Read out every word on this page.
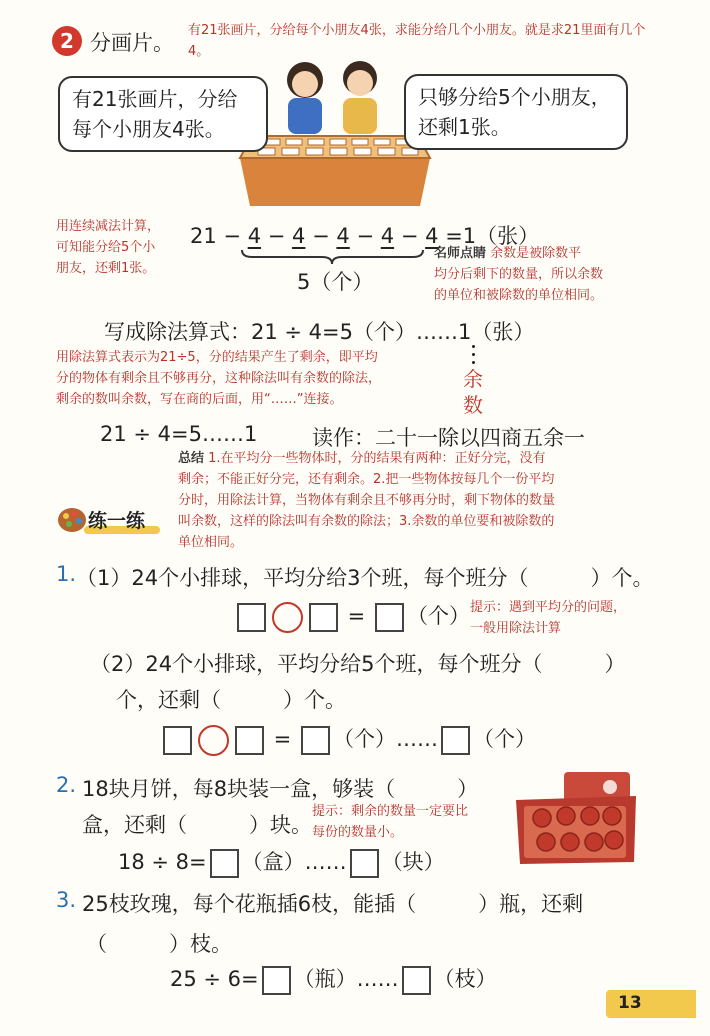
2 分画片。
有21张画片，分给每个小朋友4张，求能分给几个小朋友。就是求21里面有几个4。
有21张画片，分给
每个小朋友4张。
只够分给5个小朋友，
还剩1张。
用连续减法计算，
可知能分给5个小
朋友，还剩1张。
21 − 4 − 4 − 4 − 4 − 4 =1（张）
5（个）
名师点睛 余数是被除数平
均分后剩下的数量，所以余数
的单位和被除数的单位相同。
写成除法算式：21 ÷ 4=5（个）……1（张）
余数
用除法算式表示为21÷5，分的结果产生了剩余，即平均
分的物体有剩余且不够再分，这种除法叫有余数的除法，
剩余的数叫余数，写在商的后面，用“……”连接。
21 ÷ 4=5……1	读作：二十一除以四商五余一
总结 1.在平均分一些物体时，分的结果有两种：正好分完，没有
剩余；不能正好分完，还有剩余。2.把一些物体按每几个一份平均
分时，用除法计算，当物体有剩余且不够再分时，剩下物体的数量
叫余数，这样的除法叫有余数的除法；3.余数的单位要和被除数的
单位相同。
练一练
1. （1）24个小排球，平均分给3个班，每个班分（	）个。
= （个） 提示：遇到平均分的问题，
一般用除法计算
（2）24个小排球，平均分给5个班，每个班分（	）
个，还剩（	）个。
= （个）…… （个）
2. 18块月饼，每8块装一盒，够装（	）
盒，还剩（	）块。
提示：剩余的数量一定要比
每份的数量小。
18 ÷ 8= （盒）…… （块）
3. 25枝玫瑰，每个花瓶插6枝，能插（	）瓶，还剩
（	）枝。
25 ÷ 6= （瓶）…… （枝）
13
